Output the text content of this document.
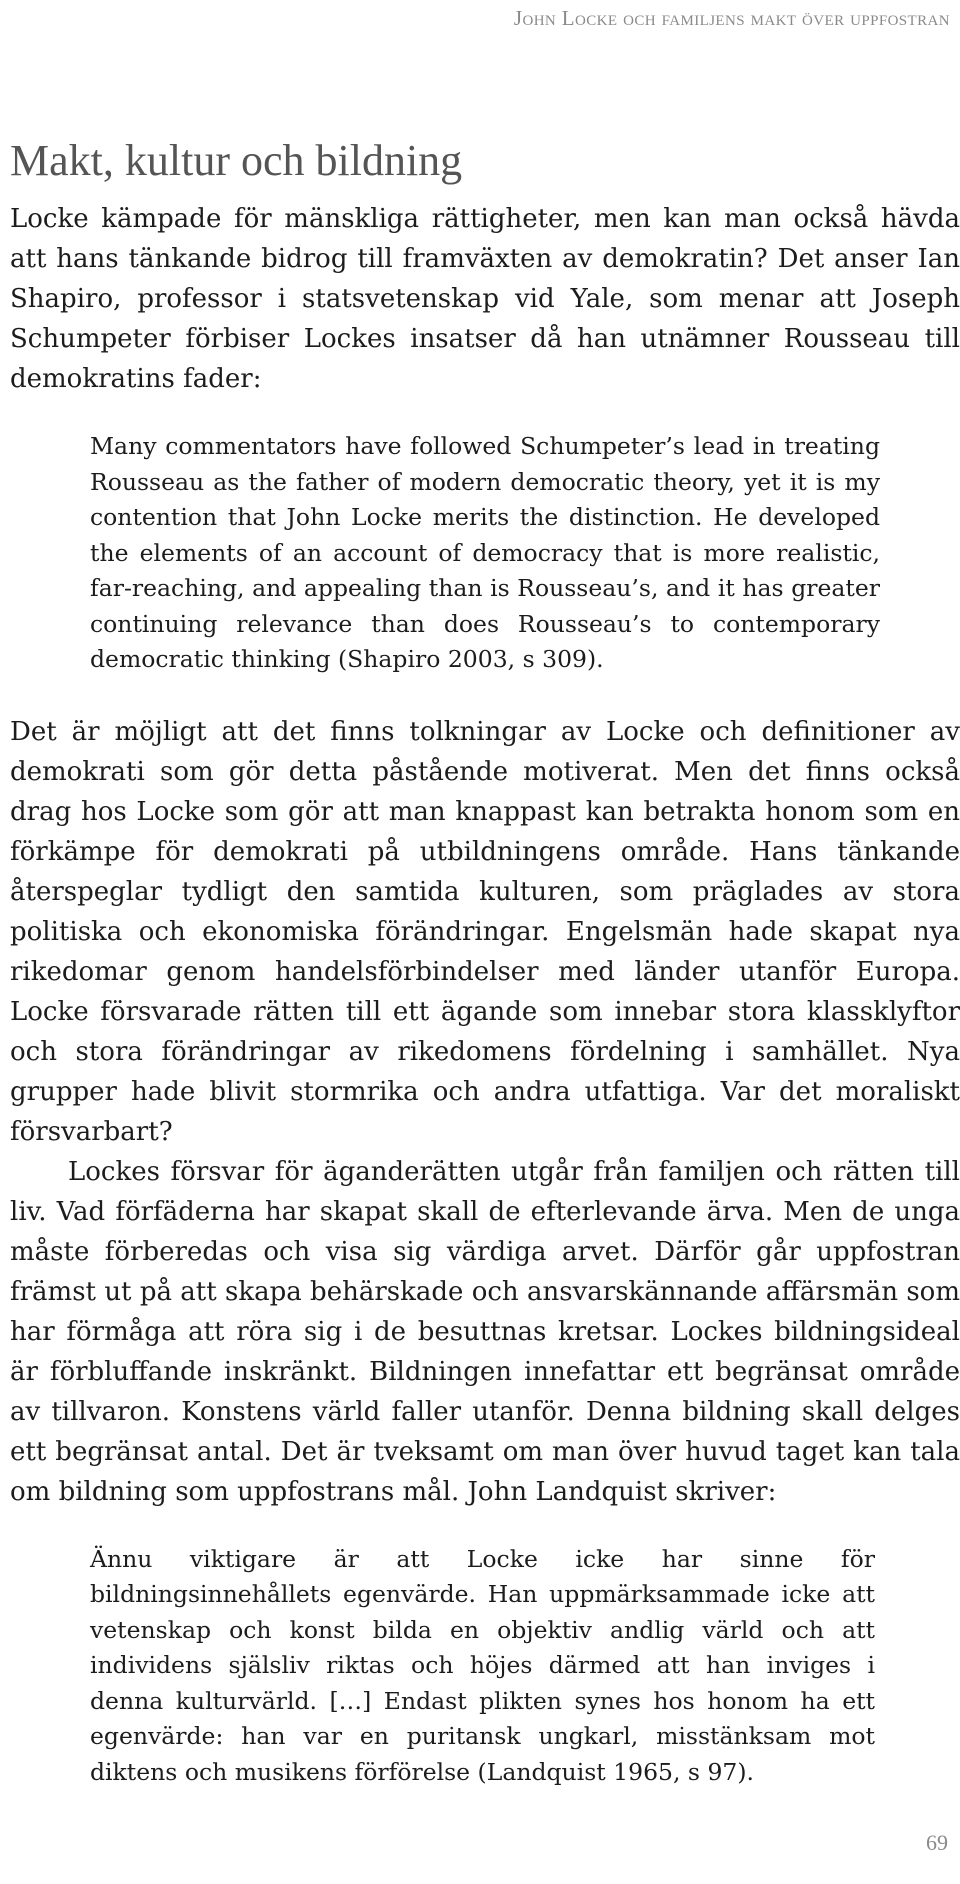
John Locke och familjens makt över uppfostran
Makt, kultur och bildning

Locke kämpade för mänskliga rättigheter, men kan man också hävda att hans tänkande bidrog till framväxten av demokratin? Det anser Ian Shapiro, professor i statsvetenskap vid Yale, som menar att Joseph Schumpeter förbiser Lockes insatser då han utnämner Rousseau till demokratins fader:

Many commentators have followed Schumpeter’s lead in treating Rousseau as the father of modern democratic theory, yet it is my contention that John Locke merits the distinction. He developed the elements of an account of democracy that is more realistic, far-reaching, and appealing than is Rousseau’s, and it has greater continuing relevance than does Rousseau’s to contemporary democratic thinking (Shapiro 2003, s 309).

Det är möjligt att det finns tolkningar av Locke och definitioner av demokrati som gör detta påstående motiverat. Men det finns också drag hos Locke som gör att man knappast kan betrakta honom som en förkämpe för demokrati på utbildningens område. Hans tänkande återspeglar tydligt den samtida kulturen, som präglades av stora politiska och ekonomiska förändringar. Engelsmän hade skapat nya rikedomar genom handelsförbindelser med länder utanför Europa. Locke försvarade rätten till ett ägande som innebar stora klassklyftor och stora förändringar av rikedomens fördelning i samhället. Nya grupper hade blivit stormrika och andra utfattiga. Var det moraliskt försvarbart?

Lockes försvar för äganderätten utgår från familjen och rätten till liv. Vad förfäderna har skapat skall de efterlevande ärva. Men de unga måste förberedas och visa sig värdiga arvet. Därför går uppfostran främst ut på att skapa behärskade och ansvarskännande affärsmän som har förmåga att röra sig i de besuttnas kretsar. Lockes bildningsideal är förbluffande inskränkt. Bildningen innefattar ett begränsat område av tillvaron. Konstens värld faller utanför. Denna bildning skall delges ett begränsat antal. Det är tveksamt om man över huvud taget kan tala om bildning som uppfostrans mål. John Landquist skriver:

Ännu viktigare är att Locke icke har sinne för bildningsinnehållets egenvärde. Han uppmärksammade icke att vetenskap och konst bilda en objektiv andlig värld och att individens själsliv riktas och höjes därmed att han inviges i denna kulturvärld. […] Endast plikten synes hos honom ha ett egenvärde: han var en puritansk ungkarl, misstänksam mot diktens och musikens förförelse (Landquist 1965, s 97).
69
